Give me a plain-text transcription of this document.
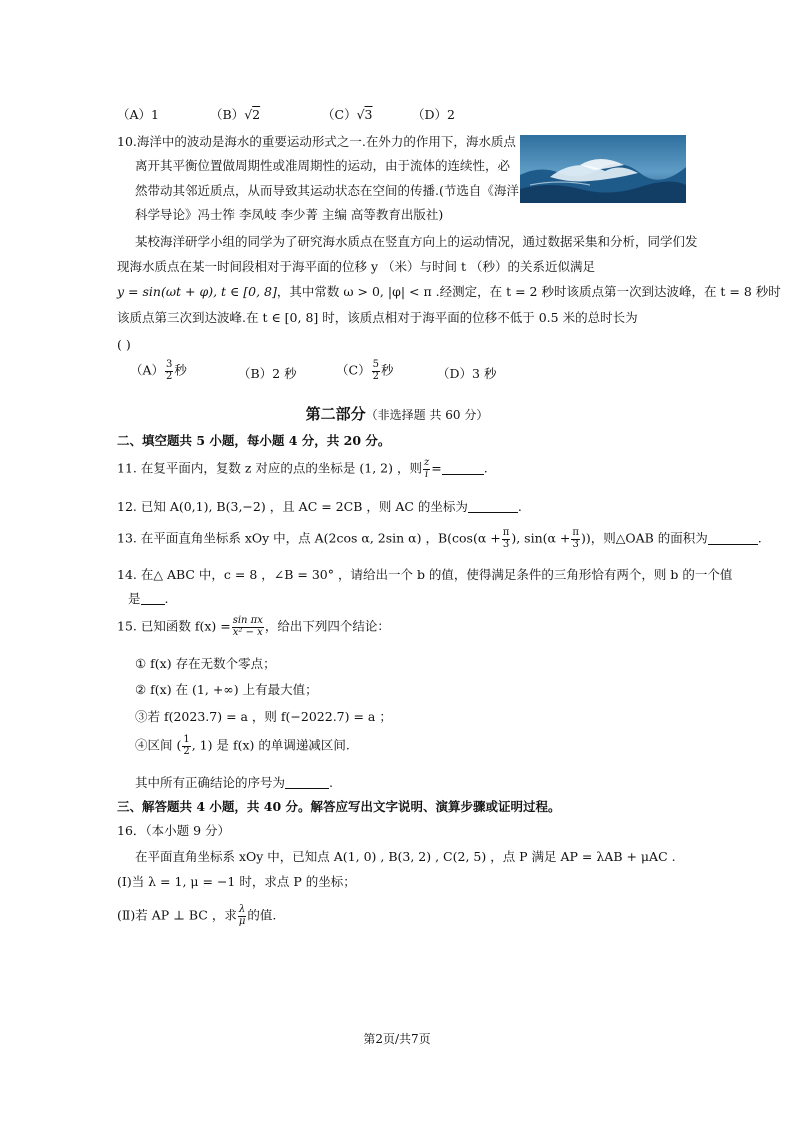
（A）1	（B）√2	（C）√3	（D）2
10.海洋中的波动是海水的重要运动形式之一.在外力的作用下，海水质点
离开其平衡位置做周期性或准周期性的运动，由于流体的连续性，必
然带动其邻近质点，从而导致其运动状态在空间的传播.(节选自《海洋
科学导论》冯士筰 李凤岐 李少菁 主编 高等教育出版社)
某校海洋研学小组的同学为了研究海水质点在竖直方向上的运动情况，通过数据采集和分析，同学们发
现海水质点在某一时间段相对于海平面的位移 y （米）与时间 t （秒）的关系近似满足
y = sin(ωt + φ), t ∈ [0, 8]，其中常数 ω > 0, |φ| < π .经测定，在 t = 2 秒时该质点第一次到达波峰，在 t = 8 秒时
该质点第三次到达波峰.在 t ∈ [0, 8] 时，该质点相对于海平面的位移不低于 0.5 米的总时长为
( )
$(A) \frac{3}{2}$ 秒	（B）2 秒	$(C) \frac{5}{2}$ 秒	（D）3 秒
第二部分（非选择题 共 60 分）
二、填空题共 5 小题，每小题 4 分，共 20 分。
11. 在复平面内，复数 z 对应的点的坐标是 (1, 2) ，则 $\frac{z}{i}$ =	.
12. 已知 A(0,1), B(3,−2) ，且 AC = 2CB ，则 AC 的坐标为	.
13. 在平面直角坐标系 xOy 中，点 A(2cos α, 2sin α) ，$B(\cos(\alpha + \frac{\pi}{3}$ ), $\sin(\alpha + \frac{\pi}{3}$ ))，则△OAB 的面积为	.
14. 在△ ABC 中，c = 8 ，∠B = 30° ，请给出一个 b 的值，使得满足条件的三角形恰有两个，则 b 的一个值
是 .
15. 已知函数 $f(x) = \frac{\text{sin πx}}{\text{x² − x}}$ ，给出下列四个结论：
① f(x) 存在无数个零点；
② f(x) 在 (1, +∞) 上有最大值；
③若 f(2023.7) = a ，则 f(−2022.7) = a ；
④区间 ( $\frac{1}{2}$ , 1) 是 f(x) 的单调递减区间.
其中所有正确结论的序号为	.
三、解答题共 4 小题，共 40 分。解答应写出文字说明、演算步骤或证明过程。
16．（本小题 9 分）
在平面直角坐标系 xOy 中，已知点 A(1, 0) , B(3, 2) , C(2, 5) ，点 P 满足 AP = λAB + μAC .
(Ⅰ)当 λ = 1, μ = −1 时，求点 P 的坐标；
(Ⅱ)若 AP ⊥ BC ，求 $\frac{\lambda}{\mu}$ 的值.
第2页/共7页
